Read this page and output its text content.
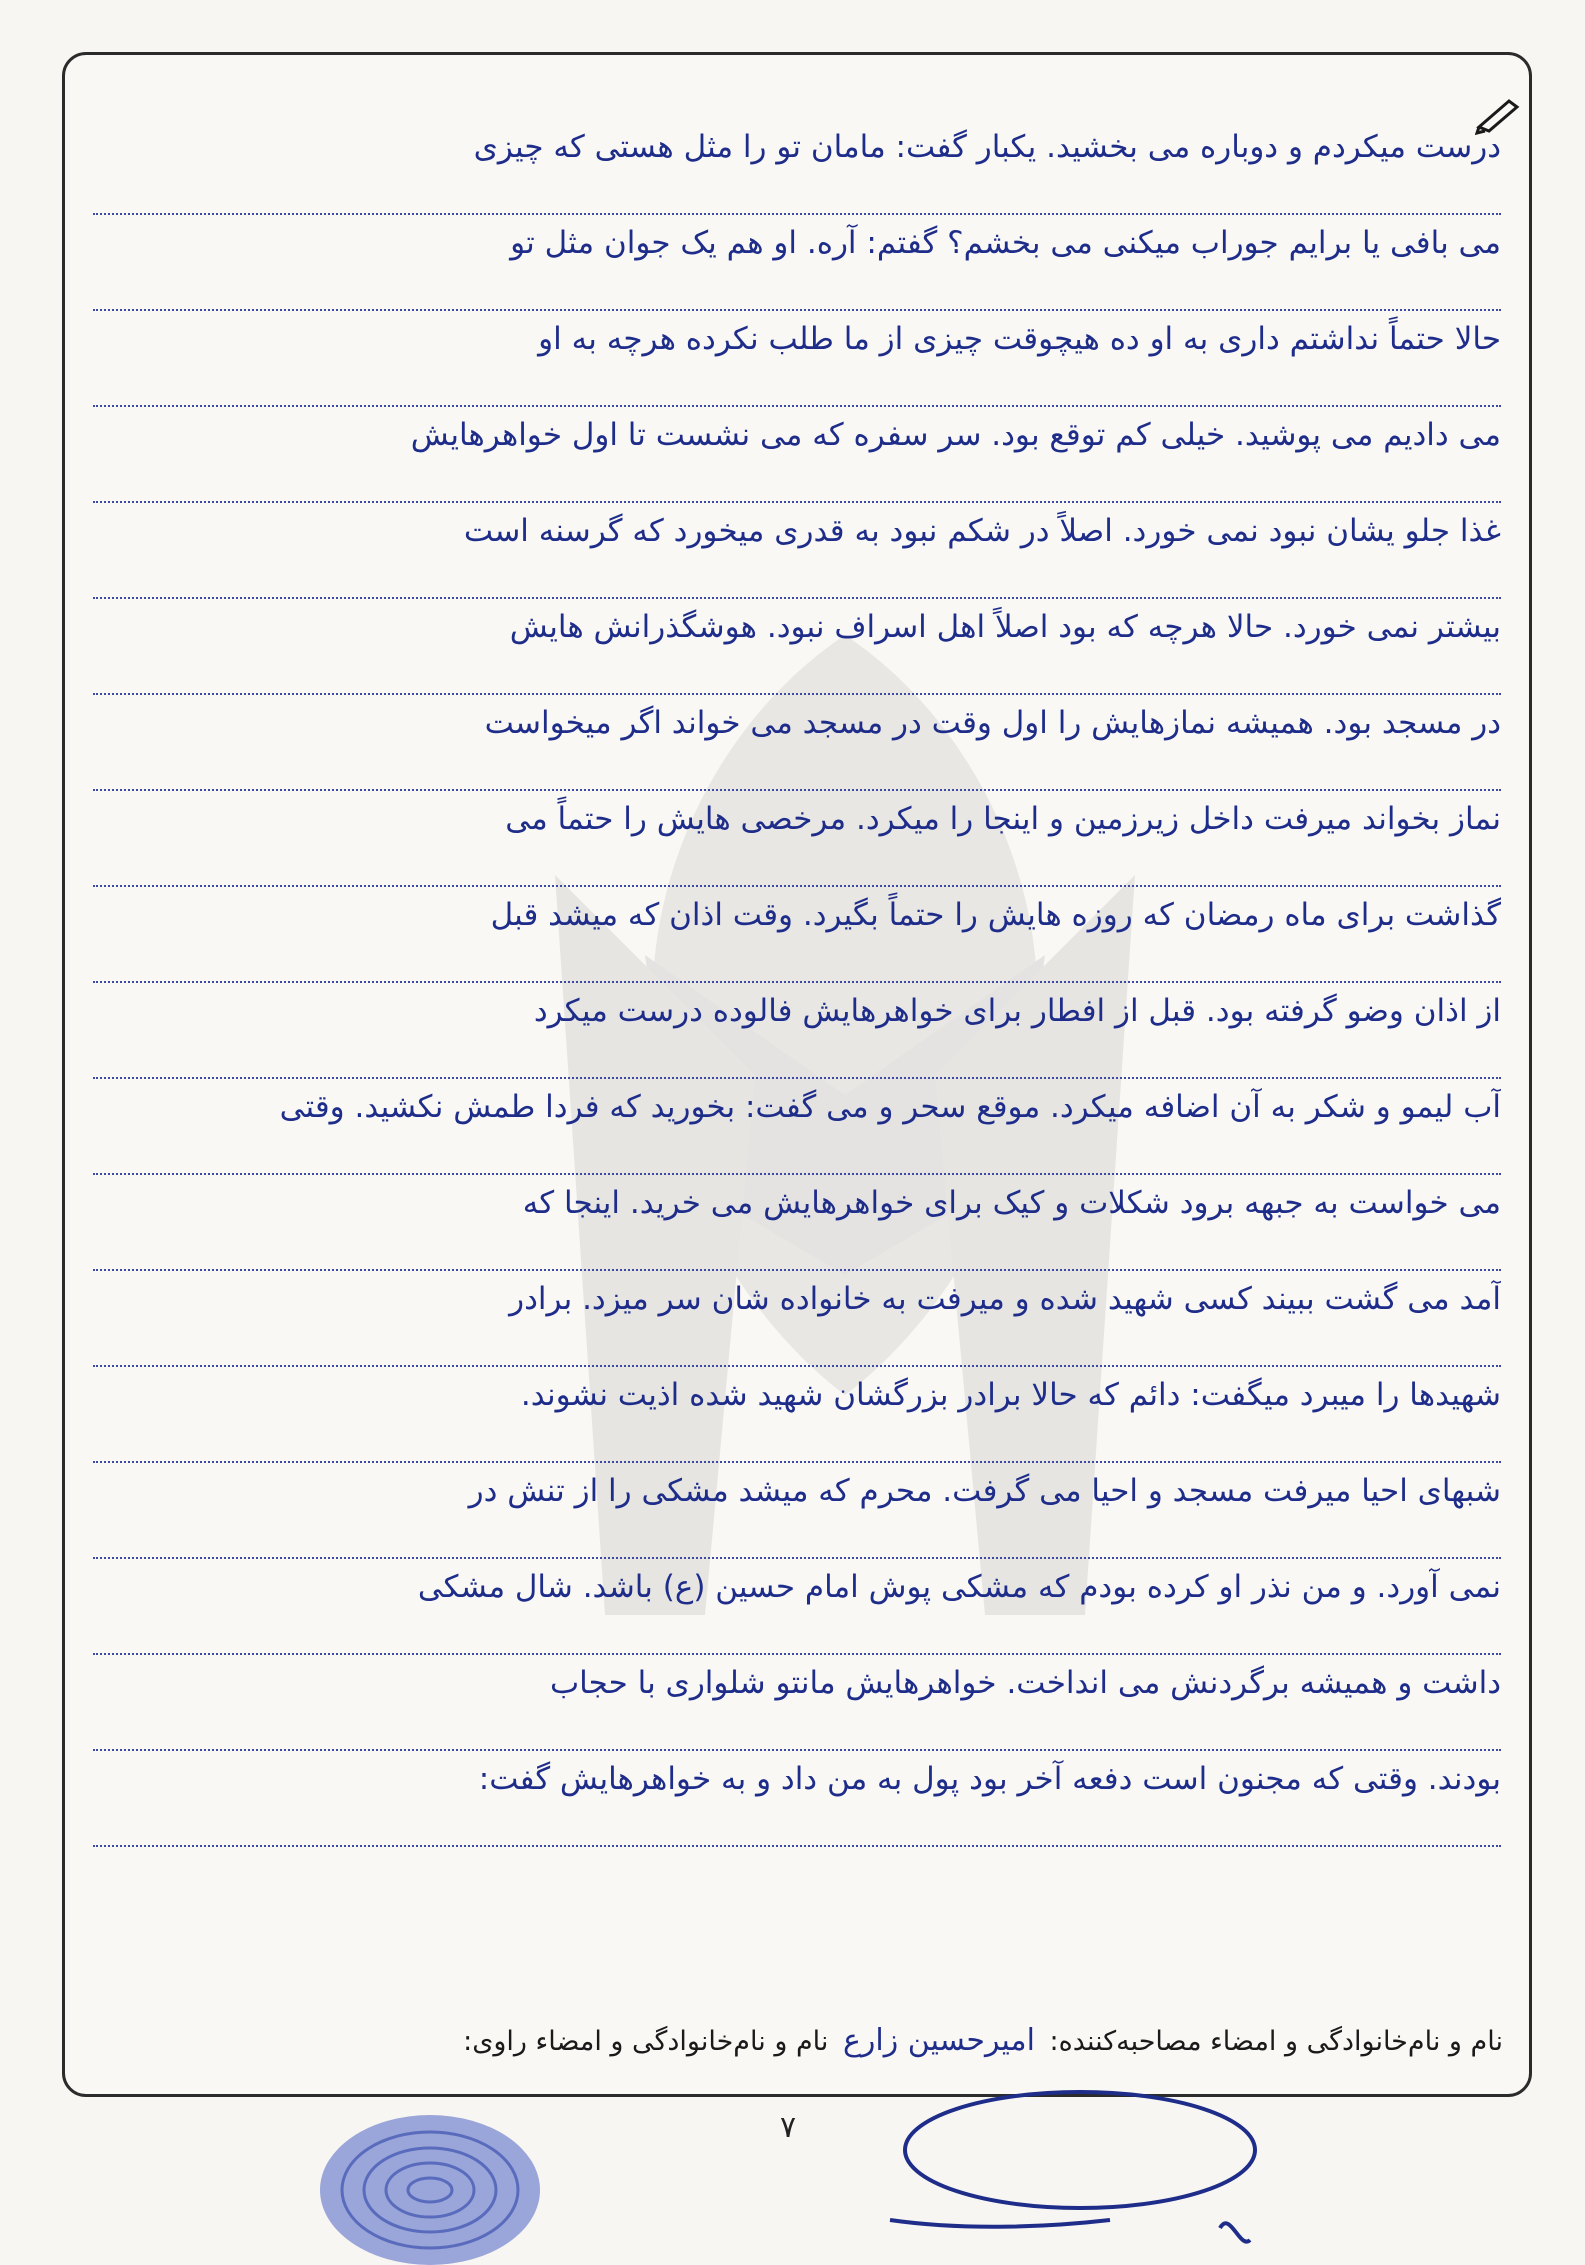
درست میکردم و دوباره می بخشید. یکبار گفت: مامان تو را مثل هستی که چیزی
می بافی یا برایم جوراب میکنی می بخشم؟ گفتم: آره. او هم یک جوان مثل تو
حالا حتماً نداشتم داری به او ده هیچوقت چیزی از ما طلب نکرده هرچه به او
می دادیم می پوشید. خیلی کم توقع بود. سر سفره که می نشست تا اول خواهرهایش
غذا جلو یشان نبود نمی خورد. اصلاً در شکم نبود به قدری میخورد که گرسنه است
بیشتر نمی خورد. حالا هرچه که بود اصلاً اهل اسراف نبود. هوشگذرانش هایش
در مسجد بود. همیشه نمازهایش را اول وقت در مسجد می خواند اگر میخواست
نماز بخواند میرفت داخل زیرزمین و اینجا را میکرد. مرخصی هایش را حتماً می
گذاشت برای ماه رمضان که روزه هایش را حتماً بگیرد. وقت اذان که میشد قبل
از اذان وضو گرفته بود. قبل از افطار برای خواهرهایش فالوده درست میکرد
آب لیمو و شکر به آن اضافه میکرد. موقع سحر و می گفت: بخورید که فردا طمش نکشید. وقتی
می خواست به جبهه برود شکلات و کیک برای خواهرهایش می خرید. اینجا که
آمد می گشت ببیند کسی شهید شده و میرفت به خانواده شان سر میزد. برادر
شهیدها را میبرد میگفت: دائم که حالا برادر بزرگشان شهید شده اذیت نشوند.
شبهای احیا میرفت مسجد و احیا می گرفت. محرم که میشد مشکی را از تنش در
نمی آورد. و من نذر او کرده بودم که مشکی پوش امام حسین (ع) باشد. شال مشکی
داشت و همیشه برگردنش می انداخت. خواهرهایش مانتو شلواری با حجاب
بودند. وقتی که مجنون است دفعه آخر بود پول به من داد و به خواهرهایش گفت:
نام و نام‌خانوادگی و امضاء مصاحبه‌کننده: امیرحسین زارع نام و نام‌خانوادگی و امضاء راوی:
۷
